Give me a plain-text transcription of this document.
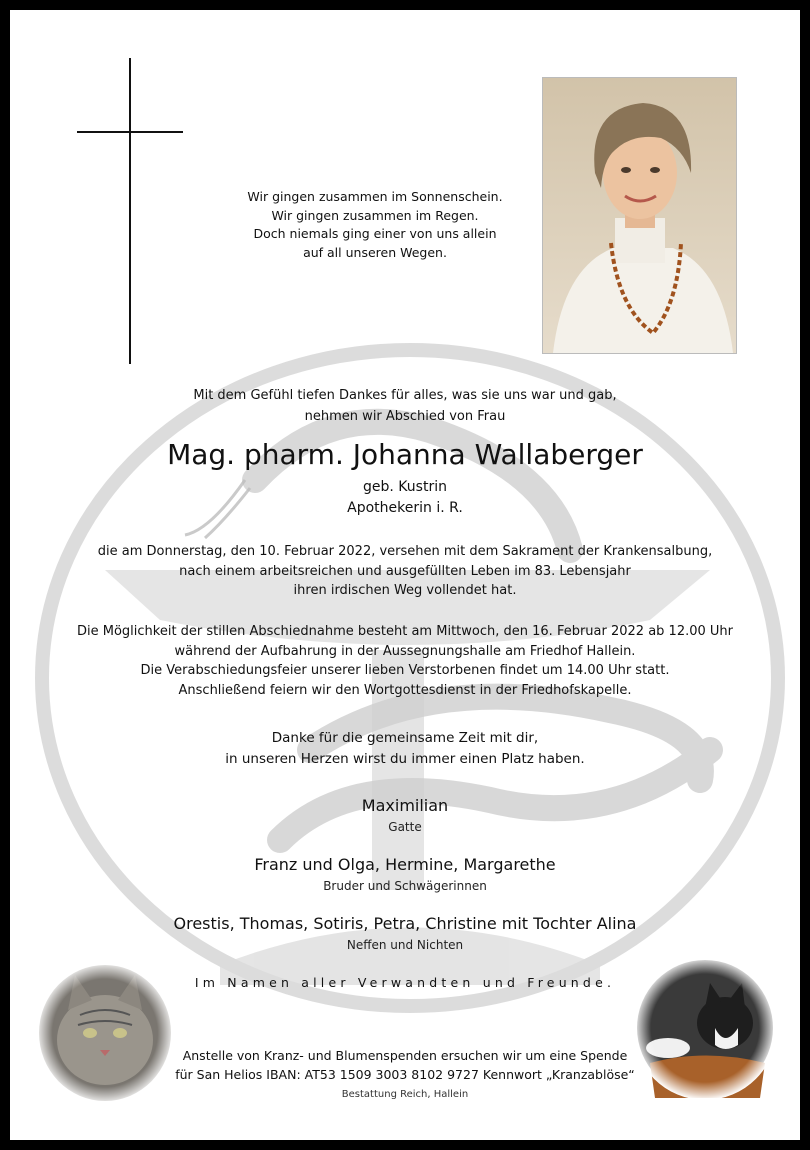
Wir gingen zusammen im Sonnenschein.
Wir gingen zusammen im Regen.
Doch niemals ging einer von uns allein
auf all unseren Wegen.
Mit dem Gefühl tiefen Dankes für alles, was sie uns war und gab,
nehmen wir Abschied von Frau
Mag. pharm. Johanna Wallaberger
geb. Kustrin
Apothekerin i. R.
die am Donnerstag, den 10. Februar 2022, versehen mit dem Sakrament der Krankensalbung,
nach einem arbeitsreichen und ausgefüllten Leben im 83. Lebensjahr
ihren irdischen Weg vollendet hat.
Die Möglichkeit der stillen Abschiednahme besteht am Mittwoch, den 16. Februar 2022 ab 12.00 Uhr
während der Aufbahrung in der Aussegnungshalle am Friedhof Hallein.
Die Verabschiedungsfeier unserer lieben Verstorbenen findet um 14.00 Uhr statt.
Anschließend feiern wir den Wortgottesdienst in der Friedhofskapelle.
Danke für die gemeinsame Zeit mit dir,
in unseren Herzen wirst du immer einen Platz haben.
Maximilian
Gatte
Franz und Olga, Hermine, Margarethe
Bruder und Schwägerinnen
Orestis, Thomas, Sotiris, Petra, Christine mit Tochter Alina
Neffen und Nichten
Im Namen aller Verwandten und Freunde.
Anstelle von Kranz- und Blumenspenden ersuchen wir um eine Spende
für San Helios IBAN: AT53 1509 3003 8102 9727 Kennwort „Kranzablöse“
Bestattung Reich, Hallein
